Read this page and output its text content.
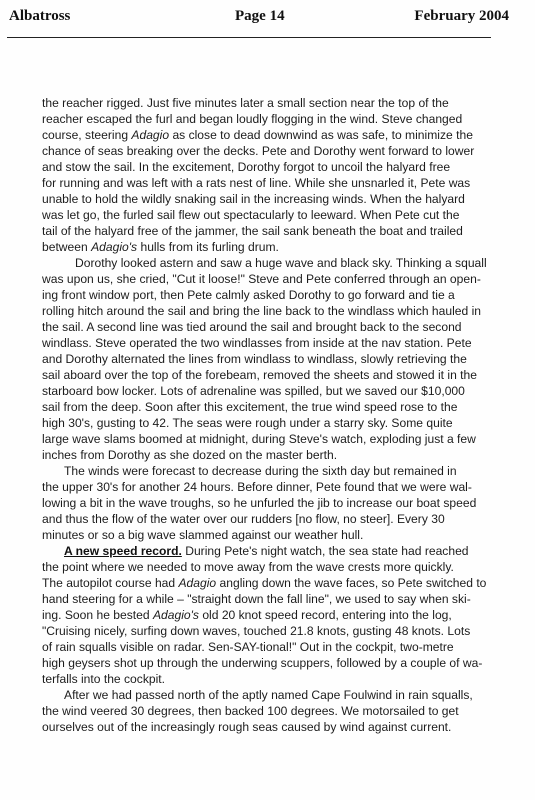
Albatross	Page 14	February 2004
the reacher rigged. Just five minutes later a small section near the top of the
reacher escaped the furl and began loudly flogging in the wind. Steve changed
course, steering Adagio as close to dead downwind as was safe, to minimize the
chance of seas breaking over the decks. Pete and Dorothy went forward to lower
and stow the sail. In the excitement, Dorothy forgot to uncoil the halyard free
for running and was left with a rats nest of line. While she unsnarled it, Pete was
unable to hold the wildly snaking sail in the increasing winds. When the halyard
was let go, the furled sail flew out spectacularly to leeward. When Pete cut the
tail of the halyard free of the jammer, the sail sank beneath the boat and trailed
between Adagio's hulls from its furling drum.
Dorothy looked astern and saw a huge wave and black sky. Thinking a squall
was upon us, she cried, "Cut it loose!" Steve and Pete conferred through an open-
ing front window port, then Pete calmly asked Dorothy to go forward and tie a
rolling hitch around the sail and bring the line back to the windlass which hauled in
the sail. A second line was tied around the sail and brought back to the second
windlass. Steve operated the two windlasses from inside at the nav station. Pete
and Dorothy alternated the lines from windlass to windlass, slowly retrieving the
sail aboard over the top of the forebeam, removed the sheets and stowed it in the
starboard bow locker. Lots of adrenaline was spilled, but we saved our $10,000
sail from the deep. Soon after this excitement, the true wind speed rose to the
high 30's, gusting to 42. The seas were rough under a starry sky. Some quite
large wave slams boomed at midnight, during Steve's watch, exploding just a few
inches from Dorothy as she dozed on the master berth.
The winds were forecast to decrease during the sixth day but remained in
the upper 30's for another 24 hours. Before dinner, Pete found that we were wal-
lowing a bit in the wave troughs, so he unfurled the jib to increase our boat speed
and thus the flow of the water over our rudders [no flow, no steer]. Every 30
minutes or so a big wave slammed against our weather hull.
A new speed record. During Pete's night watch, the sea state had reached
the point where we needed to move away from the wave crests more quickly.
The autopilot course had Adagio angling down the wave faces, so Pete switched to
hand steering for a while – "straight down the fall line", we used to say when ski-
ing. Soon he bested Adagio's old 20 knot speed record, entering into the log,
"Cruising nicely, surfing down waves, touched 21.8 knots, gusting 48 knots. Lots
of rain squalls visible on radar. Sen-SAY-tional!" Out in the cockpit, two-metre
high geysers shot up through the underwing scuppers, followed by a couple of wa-
terfalls into the cockpit.
After we had passed north of the aptly named Cape Foulwind in rain squalls,
the wind veered 30 degrees, then backed 100 degrees. We motorsailed to get
ourselves out of the increasingly rough seas caused by wind against current.
